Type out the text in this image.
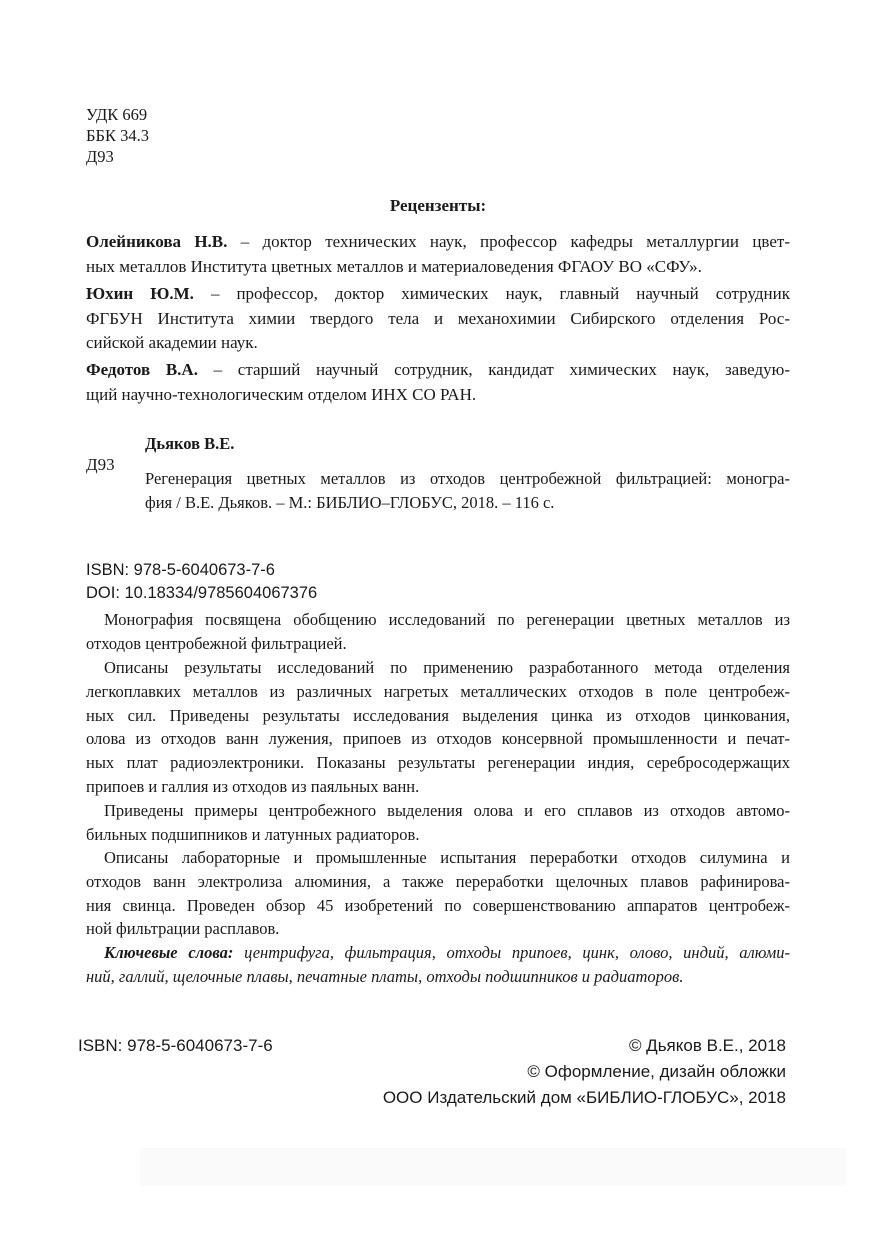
УДК 669
ББК 34.3
Д93
Рецензенты:
Олейникова Н.В. – доктор технических наук, профессор кафедры металлургии цвет-
ных металлов Института цветных металлов и материаловедения ФГАОУ ВО «СФУ».
Юхин Ю.М. – профессор, доктор химических наук, главный научный сотрудник
ФГБУН Института химии твердого тела и механохимии Сибирского отделения Рос-
сийской академии наук.
Федотов В.А. – старший научный сотрудник, кандидат химических наук, заведую-
щий научно-технологическим отделом ИНХ СО РАН.
Д93
Дьяков В.Е.
Регенерация цветных металлов из отходов центробежной фильтрацией: моногра-
фия / В.Е. Дьяков. – М.: БИБЛИО–ГЛОБУС, 2018. – 116 с.
ISBN: 978-5-6040673-7-6
DOI: 10.18334/9785604067376
Монография посвящена обобщению исследований по регенерации цветных металлов из
отходов центробежной фильтрацией.
Описаны результаты исследований по применению разработанного метода отделения
легкоплавких металлов из различных нагретых металлических отходов в поле центробеж-
ных сил. Приведены результаты исследования выделения цинка из отходов цинкования,
олова из отходов ванн лужения, припоев из отходов консервной промышленности и печат-
ных плат радиоэлектроники. Показаны результаты регенерации индия, серебросодержащих
припоев и галлия из отходов из паяльных ванн.
Приведены примеры центробежного выделения олова и его сплавов из отходов автомо-
бильных подшипников и латунных радиаторов.
Описаны лабораторные и промышленные испытания переработки отходов силумина и
отходов ванн электролиза алюминия, а также переработки щелочных плавов рафинирова-
ния свинца. Проведен обзор 45 изобретений по совершенствованию аппаратов центробеж-
ной фильтрации расплавов.
Ключевые слова: центрифуга, фильтрация, отходы припоев, цинк, олово, индий, алюми-
ний, галлий, щелочные плавы, печатные платы, отходы подшипников и радиаторов.
ISBN: 978-5-6040673-7-6	© Дьяков В.Е., 2018
© Оформление, дизайн обложки
ООО Издательский дом «БИБЛИО-ГЛОБУС», 2018
